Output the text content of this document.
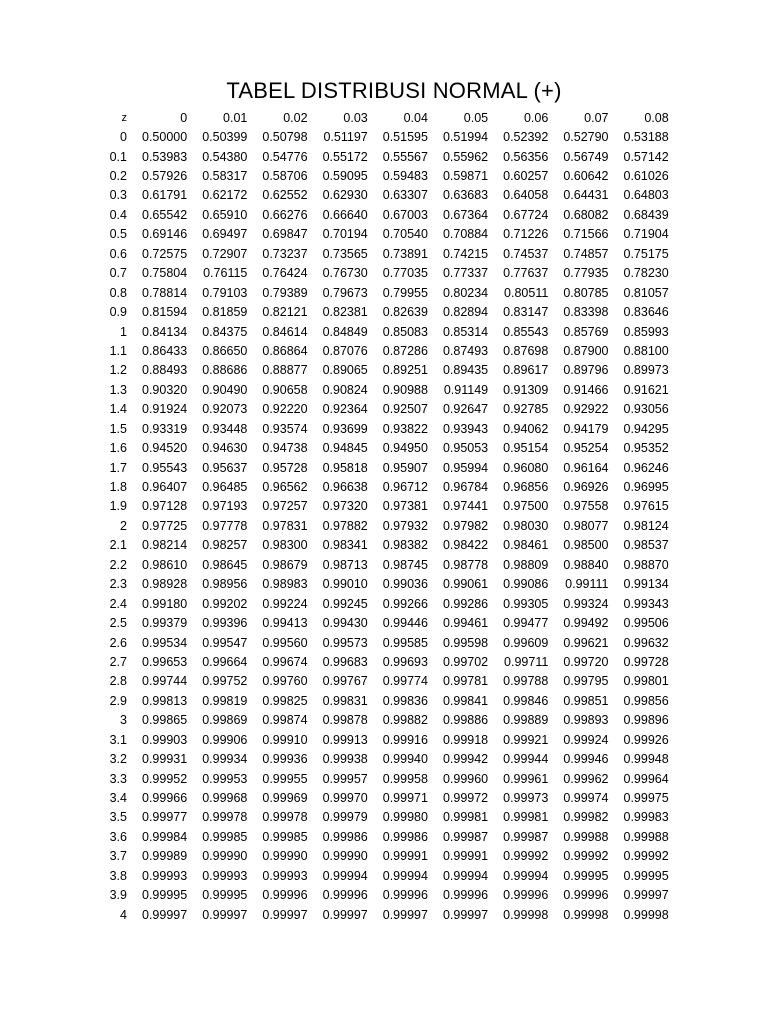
TABEL DISTRIBUSI NORMAL (+)
z	0	0.01	0.02	0.03	0.04	0.05	0.06	0.07	0.08
0	0.50000	0.50399	0.50798	0.51197	0.51595	0.51994	0.52392	0.52790	0.53188
0.1	0.53983	0.54380	0.54776	0.55172	0.55567	0.55962	0.56356	0.56749	0.57142
0.2	0.57926	0.58317	0.58706	0.59095	0.59483	0.59871	0.60257	0.60642	0.61026
0.3	0.61791	0.62172	0.62552	0.62930	0.63307	0.63683	0.64058	0.64431	0.64803
0.4	0.65542	0.65910	0.66276	0.66640	0.67003	0.67364	0.67724	0.68082	0.68439
0.5	0.69146	0.69497	0.69847	0.70194	0.70540	0.70884	0.71226	0.71566	0.71904
0.6	0.72575	0.72907	0.73237	0.73565	0.73891	0.74215	0.74537	0.74857	0.75175
0.7	0.75804	0.76115	0.76424	0.76730	0.77035	0.77337	0.77637	0.77935	0.78230
0.8	0.78814	0.79103	0.79389	0.79673	0.79955	0.80234	0.80511	0.80785	0.81057
0.9	0.81594	0.81859	0.82121	0.82381	0.82639	0.82894	0.83147	0.83398	0.83646
1	0.84134	0.84375	0.84614	0.84849	0.85083	0.85314	0.85543	0.85769	0.85993
1.1	0.86433	0.86650	0.86864	0.87076	0.87286	0.87493	0.87698	0.87900	0.88100
1.2	0.88493	0.88686	0.88877	0.89065	0.89251	0.89435	0.89617	0.89796	0.89973
1.3	0.90320	0.90490	0.90658	0.90824	0.90988	0.91149	0.91309	0.91466	0.91621
1.4	0.91924	0.92073	0.92220	0.92364	0.92507	0.92647	0.92785	0.92922	0.93056
1.5	0.93319	0.93448	0.93574	0.93699	0.93822	0.93943	0.94062	0.94179	0.94295
1.6	0.94520	0.94630	0.94738	0.94845	0.94950	0.95053	0.95154	0.95254	0.95352
1.7	0.95543	0.95637	0.95728	0.95818	0.95907	0.95994	0.96080	0.96164	0.96246
1.8	0.96407	0.96485	0.96562	0.96638	0.96712	0.96784	0.96856	0.96926	0.96995
1.9	0.97128	0.97193	0.97257	0.97320	0.97381	0.97441	0.97500	0.97558	0.97615
2	0.97725	0.97778	0.97831	0.97882	0.97932	0.97982	0.98030	0.98077	0.98124
2.1	0.98214	0.98257	0.98300	0.98341	0.98382	0.98422	0.98461	0.98500	0.98537
2.2	0.98610	0.98645	0.98679	0.98713	0.98745	0.98778	0.98809	0.98840	0.98870
2.3	0.98928	0.98956	0.98983	0.99010	0.99036	0.99061	0.99086	0.99111	0.99134
2.4	0.99180	0.99202	0.99224	0.99245	0.99266	0.99286	0.99305	0.99324	0.99343
2.5	0.99379	0.99396	0.99413	0.99430	0.99446	0.99461	0.99477	0.99492	0.99506
2.6	0.99534	0.99547	0.99560	0.99573	0.99585	0.99598	0.99609	0.99621	0.99632
2.7	0.99653	0.99664	0.99674	0.99683	0.99693	0.99702	0.99711	0.99720	0.99728
2.8	0.99744	0.99752	0.99760	0.99767	0.99774	0.99781	0.99788	0.99795	0.99801
2.9	0.99813	0.99819	0.99825	0.99831	0.99836	0.99841	0.99846	0.99851	0.99856
3	0.99865	0.99869	0.99874	0.99878	0.99882	0.99886	0.99889	0.99893	0.99896
3.1	0.99903	0.99906	0.99910	0.99913	0.99916	0.99918	0.99921	0.99924	0.99926
3.2	0.99931	0.99934	0.99936	0.99938	0.99940	0.99942	0.99944	0.99946	0.99948
3.3	0.99952	0.99953	0.99955	0.99957	0.99958	0.99960	0.99961	0.99962	0.99964
3.4	0.99966	0.99968	0.99969	0.99970	0.99971	0.99972	0.99973	0.99974	0.99975
3.5	0.99977	0.99978	0.99978	0.99979	0.99980	0.99981	0.99981	0.99982	0.99983
3.6	0.99984	0.99985	0.99985	0.99986	0.99986	0.99987	0.99987	0.99988	0.99988
3.7	0.99989	0.99990	0.99990	0.99990	0.99991	0.99991	0.99992	0.99992	0.99992
3.8	0.99993	0.99993	0.99993	0.99994	0.99994	0.99994	0.99994	0.99995	0.99995
3.9	0.99995	0.99995	0.99996	0.99996	0.99996	0.99996	0.99996	0.99996	0.99997
4	0.99997	0.99997	0.99997	0.99997	0.99997	0.99997	0.99998	0.99998	0.99998
